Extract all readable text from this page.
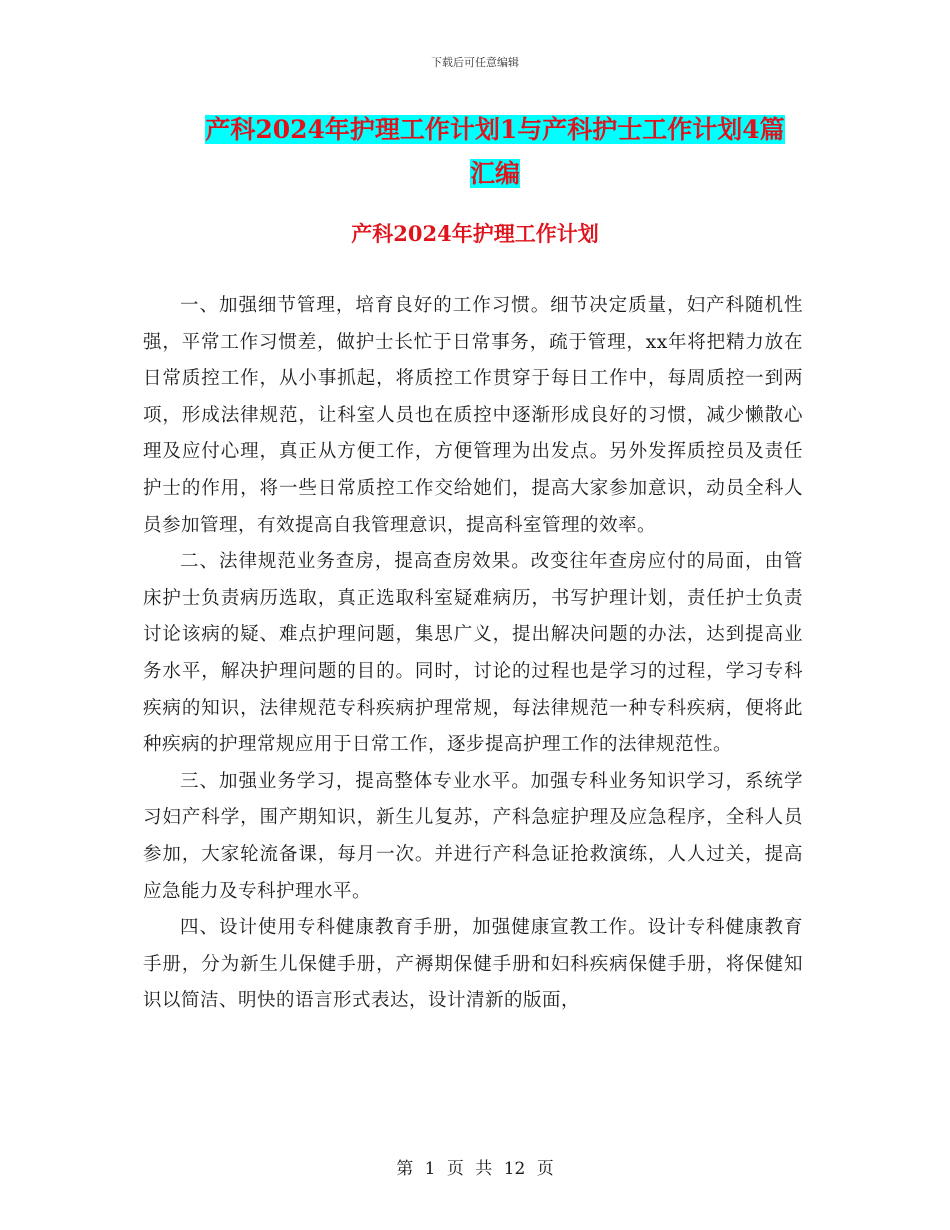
下载后可任意编辑
产科2024年护理工作计划1与产科护士工作计划4篇
汇编
产科2024年护理工作计划

一、加强细节管理，培育良好的工作习惯。细节决定质量，妇产科随机性强，平常工作习惯差，做护士长忙于日常事务，疏于管理，xx年将把精力放在日常质控工作，从小事抓起，将质控工作贯穿于每日工作中，每周质控一到两项，形成法律规范，让科室人员也在质控中逐渐形成良好的习惯，减少懒散心理及应付心理，真正从方便工作，方便管理为出发点。另外发挥质控员及责任护士的作用，将一些日常质控工作交给她们，提高大家参加意识，动员全科人员参加管理，有效提高自我管理意识，提高科室管理的效率。

二、法律规范业务查房，提高查房效果。改变往年查房应付的局面，由管床护士负责病历选取，真正选取科室疑难病历，书写护理计划，责任护士负责讨论该病的疑、难点护理问题，集思广义，提出解决问题的办法，达到提高业务水平，解决护理问题的目的。同时，讨论的过程也是学习的过程，学习专科疾病的知识，法律规范专科疾病护理常规，每法律规范一种专科疾病，便将此种疾病的护理常规应用于日常工作，逐步提高护理工作的法律规范性。

三、加强业务学习，提高整体专业水平。加强专科业务知识学习，系统学习妇产科学，围产期知识，新生儿复苏，产科急症护理及应急程序，全科人员参加，大家轮流备课，每月一次。并进行产科急证抢救演练，人人过关，提高应急能力及专科护理水平。

四、设计使用专科健康教育手册，加强健康宣教工作。设计专科健康教育手册，分为新生儿保健手册，产褥期保健手册和妇科疾病保健手册，将保健知识以简洁、明快的语言形式表达，设计清新的版面，

第 1 页 共 12 页
